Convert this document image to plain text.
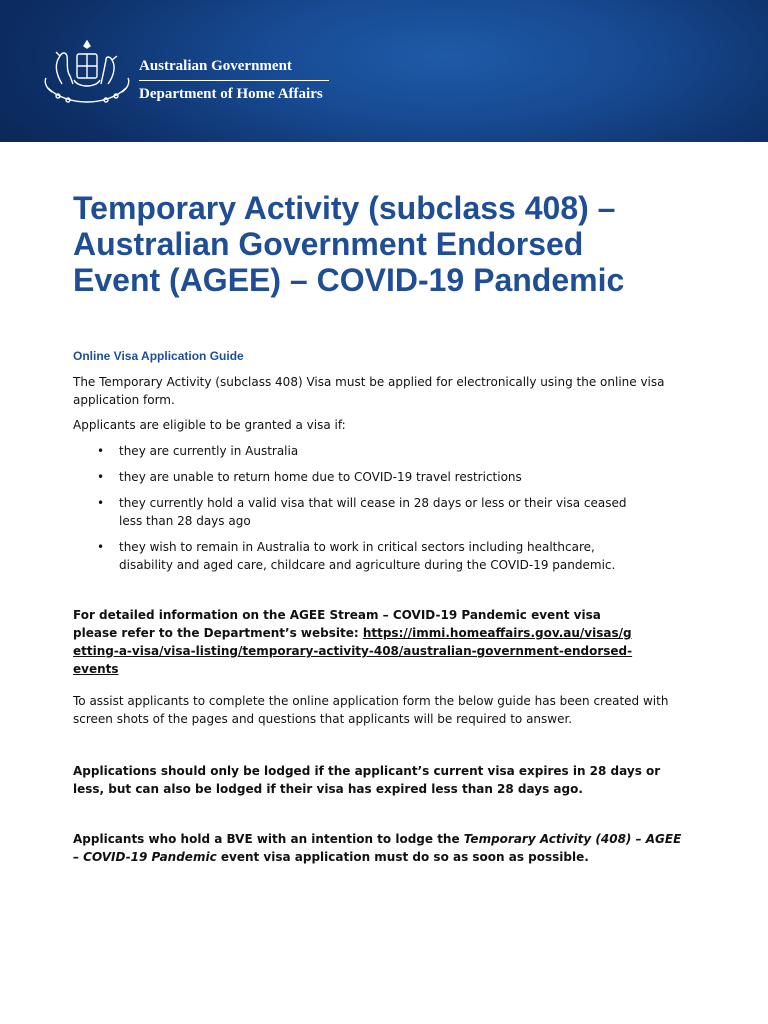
Australian Government
Department of Home Affairs
Temporary Activity (subclass 408) –
Australian Government Endorsed
Event (AGEE) – COVID-19 Pandemic
Online Visa Application Guide

The Temporary Activity (subclass 408) Visa must be applied for electronically using the online visa application form.

Applicants are eligible to be granted a visa if:

• they are currently in Australia
• they are unable to return home due to COVID-19 travel restrictions
• they currently hold a valid visa that will cease in 28 days or less or their visa ceased less than 28 days ago
• they wish to remain in Australia to work in critical sectors including healthcare, disability and aged care, childcare and agriculture during the COVID-19 pandemic.

For detailed information on the AGEE Stream – COVID-19 Pandemic event visa please refer to the Department’s website: https://immi.homeaffairs.gov.au/visas/getting-a-visa/visa-listing/temporary-activity-408/australian-government-endorsed-events

To assist applicants to complete the online application form the below guide has been created with screen shots of the pages and questions that applicants will be required to answer.

Applications should only be lodged if the applicant’s current visa expires in 28 days or less, but can also be lodged if their visa has expired less than 28 days ago.

Applicants who hold a BVE with an intention to lodge the Temporary Activity (408) – AGEE – COVID-19 Pandemic event visa application must do so as soon as possible.
